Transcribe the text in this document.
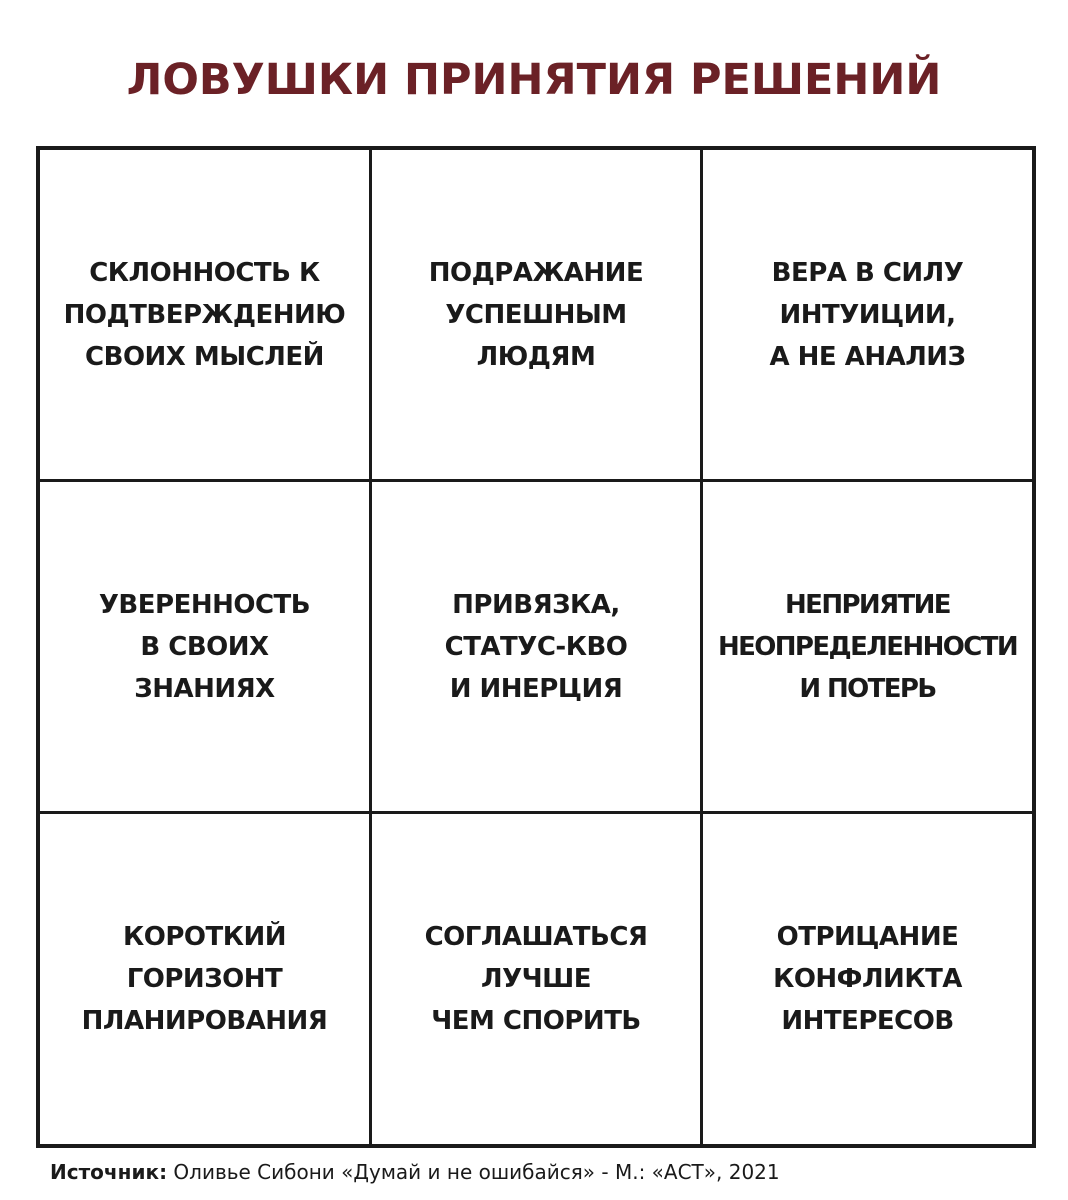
ЛОВУШКИ ПРИНЯТИЯ РЕШЕНИЙ
СКЛОННОСТЬ К
ПОДТВЕРЖДЕНИЮ
СВОИХ МЫСЛЕЙ
ПОДРАЖАНИЕ
УСПЕШНЫМ
ЛЮДЯМ
ВЕРА В СИЛУ
ИНТУИЦИИ,
А НЕ АНАЛИЗ
УВЕРЕННОСТЬ
В СВОИХ
ЗНАНИЯХ
ПРИВЯЗКА,
СТАТУС-КВО
И ИНЕРЦИЯ
НЕПРИЯТИЕ
НЕОПРЕДЕЛЕННОСТИ
И ПОТЕРЬ
КОРОТКИЙ
ГОРИЗОНТ
ПЛАНИРОВАНИЯ
СОГЛАШАТЬСЯ
ЛУЧШЕ
ЧЕМ СПОРИТЬ
ОТРИЦАНИЕ
КОНФЛИКТА
ИНТЕРЕСОВ
Источник: Оливье Сибони «Думай и не ошибайся» - М.: «АСТ», 2021
